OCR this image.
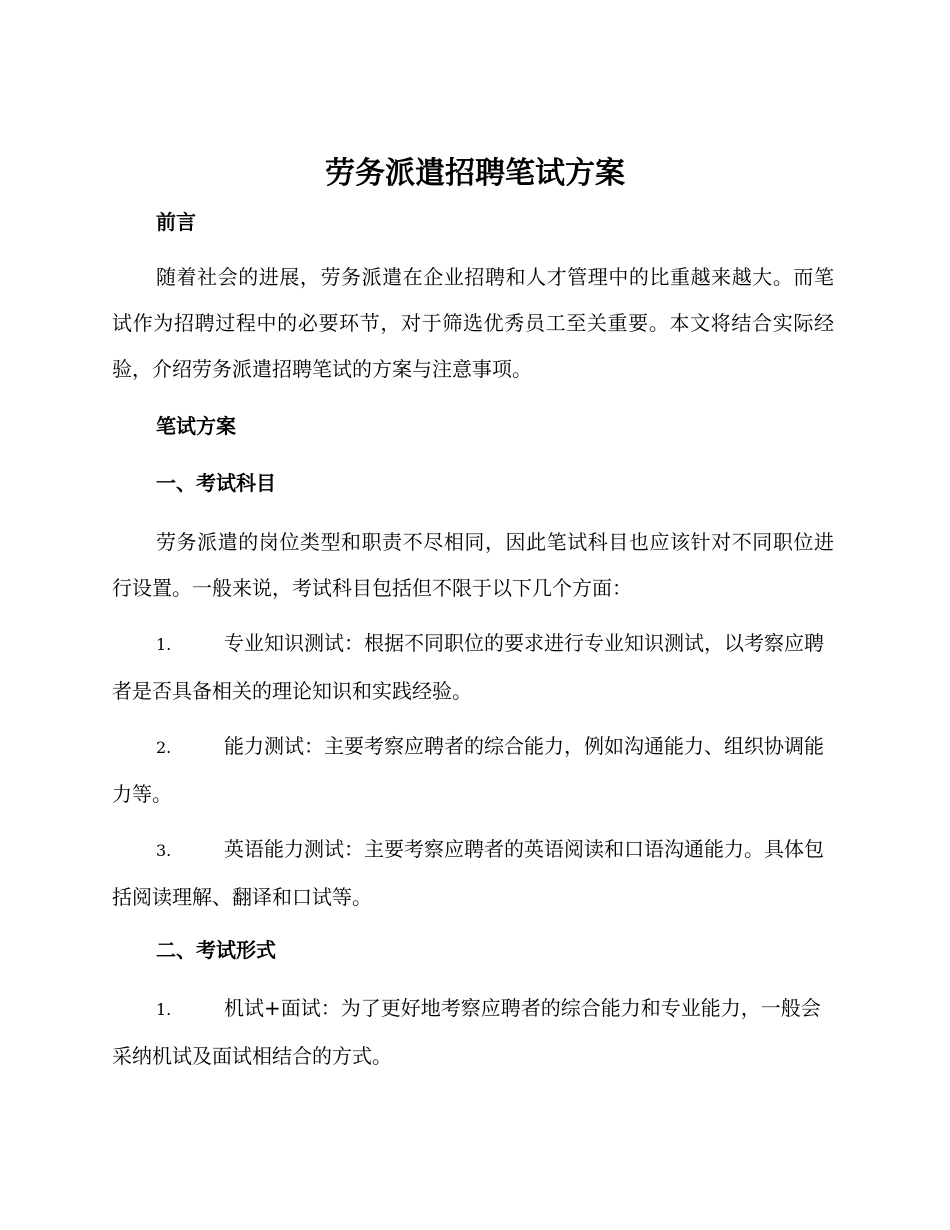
劳务派遣招聘笔试方案
前言

随着社会的进展，劳务派遣在企业招聘和人才管理中的比重越来越大。而笔试作为招聘过程中的必要环节，对于筛选优秀员工至关重要。本文将结合实际经验，介绍劳务派遣招聘笔试的方案与注意事项。

笔试方案
一、考试科目

劳务派遣的岗位类型和职责不尽相同，因此笔试科目也应该针对不同职位进行设置。一般来说，考试科目包括但不限于以下几个方面：

1.	专业知识测试：根据不同职位的要求进行专业知识测试，以考察应聘者是否具备相关的理论知识和实践经验。

2.	能力测试：主要考察应聘者的综合能力，例如沟通能力、组织协调能力等。

3.	英语能力测试：主要考察应聘者的英语阅读和口语沟通能力。具体包括阅读理解、翻译和口试等。

二、考试形式

1.	机试+面试：为了更好地考察应聘者的综合能力和专业能力，一般会采纳机试及面试相结合的方式。
